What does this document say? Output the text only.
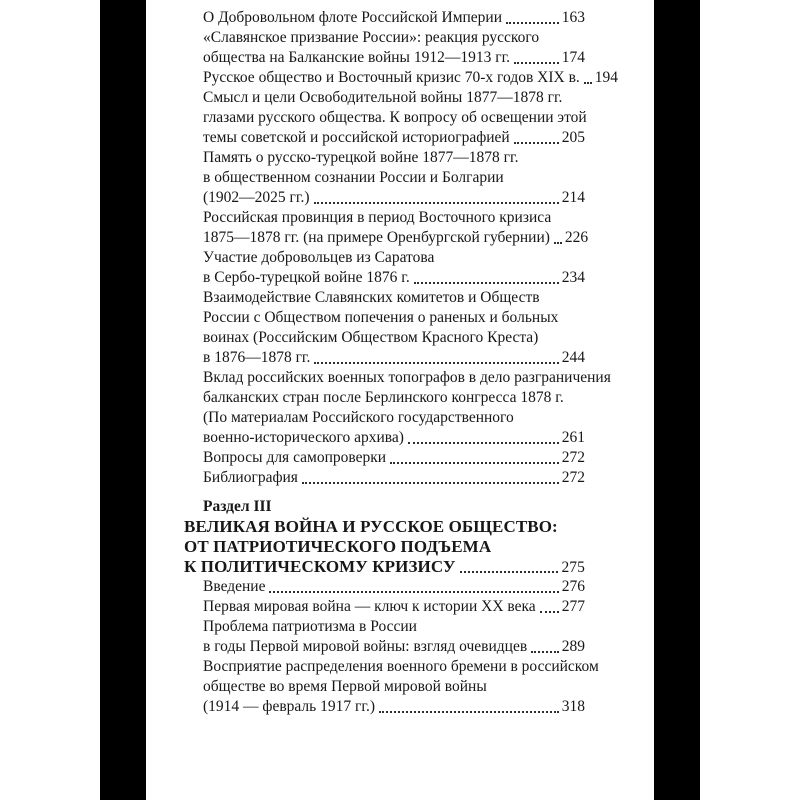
О Добровольном флоте Российской Империи	163
«Славянское призвание России»: реакция русского
общества на Балканские войны 1912—1913 гг.	174
Русское общество и Восточный кризис 70-х годов XIX в. 194
Смысл и цели Освободительной войны 1877—1878 гг.
глазами русского общества. К вопросу об освещении этой
темы советской и российской историографией	205
Память о русско-турецкой войне 1877—1878 гг.
в общественном сознании России и Болгарии
(1902—2025 гг.)	214
Российская провинция в период Восточного кризиса
1875—1878 гг. (на примере Оренбургской губернии) 226
Участие добровольцев из Саратова
в Сербо-турецкой войне 1876 г.	234
Взаимодействие Славянских комитетов и Обществ
России с Обществом попечения о раненых и больных
воинах (Российским Обществом Красного Креста)
в 1876—1878 гг.	244
Вклад российских военных топографов в дело разграничения
балканских стран после Берлинского конгресса 1878 г.
(По материалам Российского государственного
военно-исторического архива)	261
Вопросы для самопроверки	272
Библиография	272
Раздел III
ВЕЛИКАЯ ВОЙНА И РУССКОЕ ОБЩЕСТВО:
ОТ ПАТРИОТИЧЕСКОГО ПОДЪЕМА
К ПОЛИТИЧЕСКОМУ КРИЗИСУ	275
Введение	276
Первая мировая война — ключ к истории XX века 277
Проблема патриотизма в России
в годы Первой мировой войны: взгляд очевидцев 289
Восприятие распределения военного бремени в российском
обществе во время Первой мировой войны
(1914 — февраль 1917 гг.)	318
